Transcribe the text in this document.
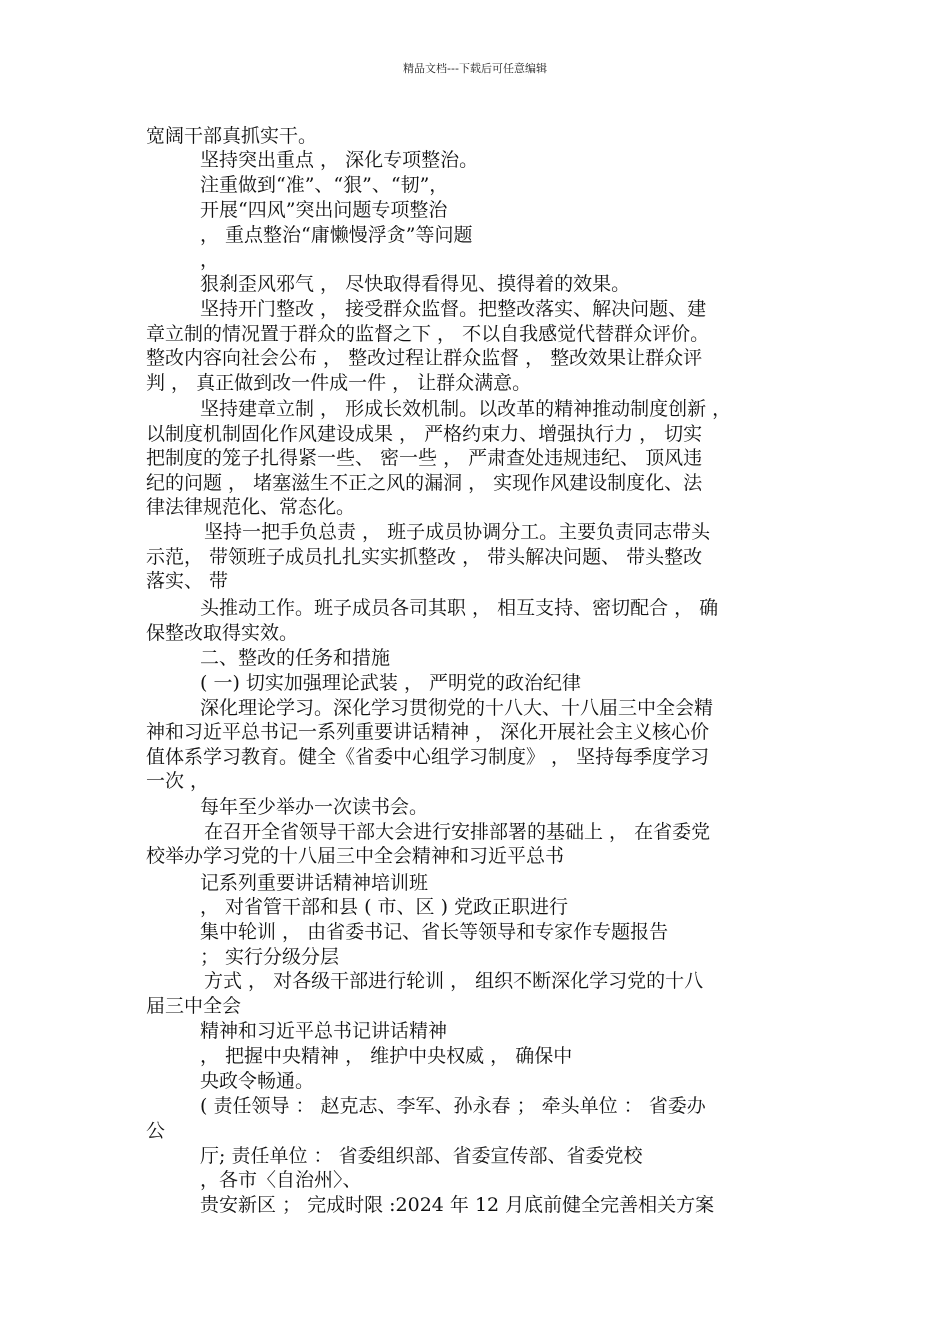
精品文档---下载后可任意编辑
宽阔干部真抓实干。
坚持突出重点 ， 深化专项整治。
注重做到“准”、“狠”、“韧”，
开展“四风”突出问题专项整治
， 重点整治“庸懒慢浮贪”等问题
，
狠刹歪风邪气 ， 尽快取得看得见、摸得着的效果。
坚持开门整改 ， 接受群众监督。把整改落实、解决问题、建
章立制的情况置于群众的监督之下 ， 不以自我感觉代替群众评价。
整改内容向社会公布 ， 整改过程让群众监督 ， 整改效果让群众评
判 ， 真正做到改一件成一件 ， 让群众满意。
坚持建章立制 ， 形成长效机制。以改革的精神推动制度创新 ，
以制度机制固化作风建设成果 ， 严格约束力、增强执行力 ， 切实
把制度的笼子扎得紧一些、 密一些 ， 严肃查处违规违纪、 顶风违
纪的问题 ， 堵塞滋生不正之风的漏洞 ， 实现作风建设制度化、法
律法律规范化、常态化。
坚持一把手负总责 ， 班子成员协调分工。主要负责同志带头
示范， 带领班子成员扎扎实实抓整改 ， 带头解决问题、 带头整改
落实、 带
头推动工作。班子成员各司其职 ， 相互支持、密切配合 ， 确
保整改取得实效。
二、整改的任务和措施
( 一) 切实加强理论武装 ， 严明党的政治纪律
深化理论学习。深化学习贯彻党的十八大、十八届三中全会精
神和习近平总书记一系列重要讲话精神 ， 深化开展社会主义核心价
值体系学习教育。健全《省委中心组学习制度》 ， 坚持每季度学习
一次 ，
每年至少举办一次读书会。
在召开全省领导干部大会进行安排部署的基础上 ， 在省委党
校举办学习党的十八届三中全会精神和习近平总书
记系列重要讲话精神培训班
， 对省管干部和县 ( 市、区 ) 党政正职进行
集中轮训 ， 由省委书记、省长等领导和专家作专题报告
； 实行分级分层
方式 ， 对各级干部进行轮训 ， 组织不断深化学习党的十八
届三中全会
精神和习近平总书记讲话精神
， 把握中央精神 ， 维护中央权威 ， 确保中
央政令畅通。
( 责任领导 ： 赵克志、李军、孙永春 ； 牵头单位 ： 省委办
公
厅; 责任单位 ： 省委组织部、省委宣传部、省委党校
，各市〈自治州〉、
贵安新区 ； 完成时限 :2024 年 12 月底前健全完善相关方案
